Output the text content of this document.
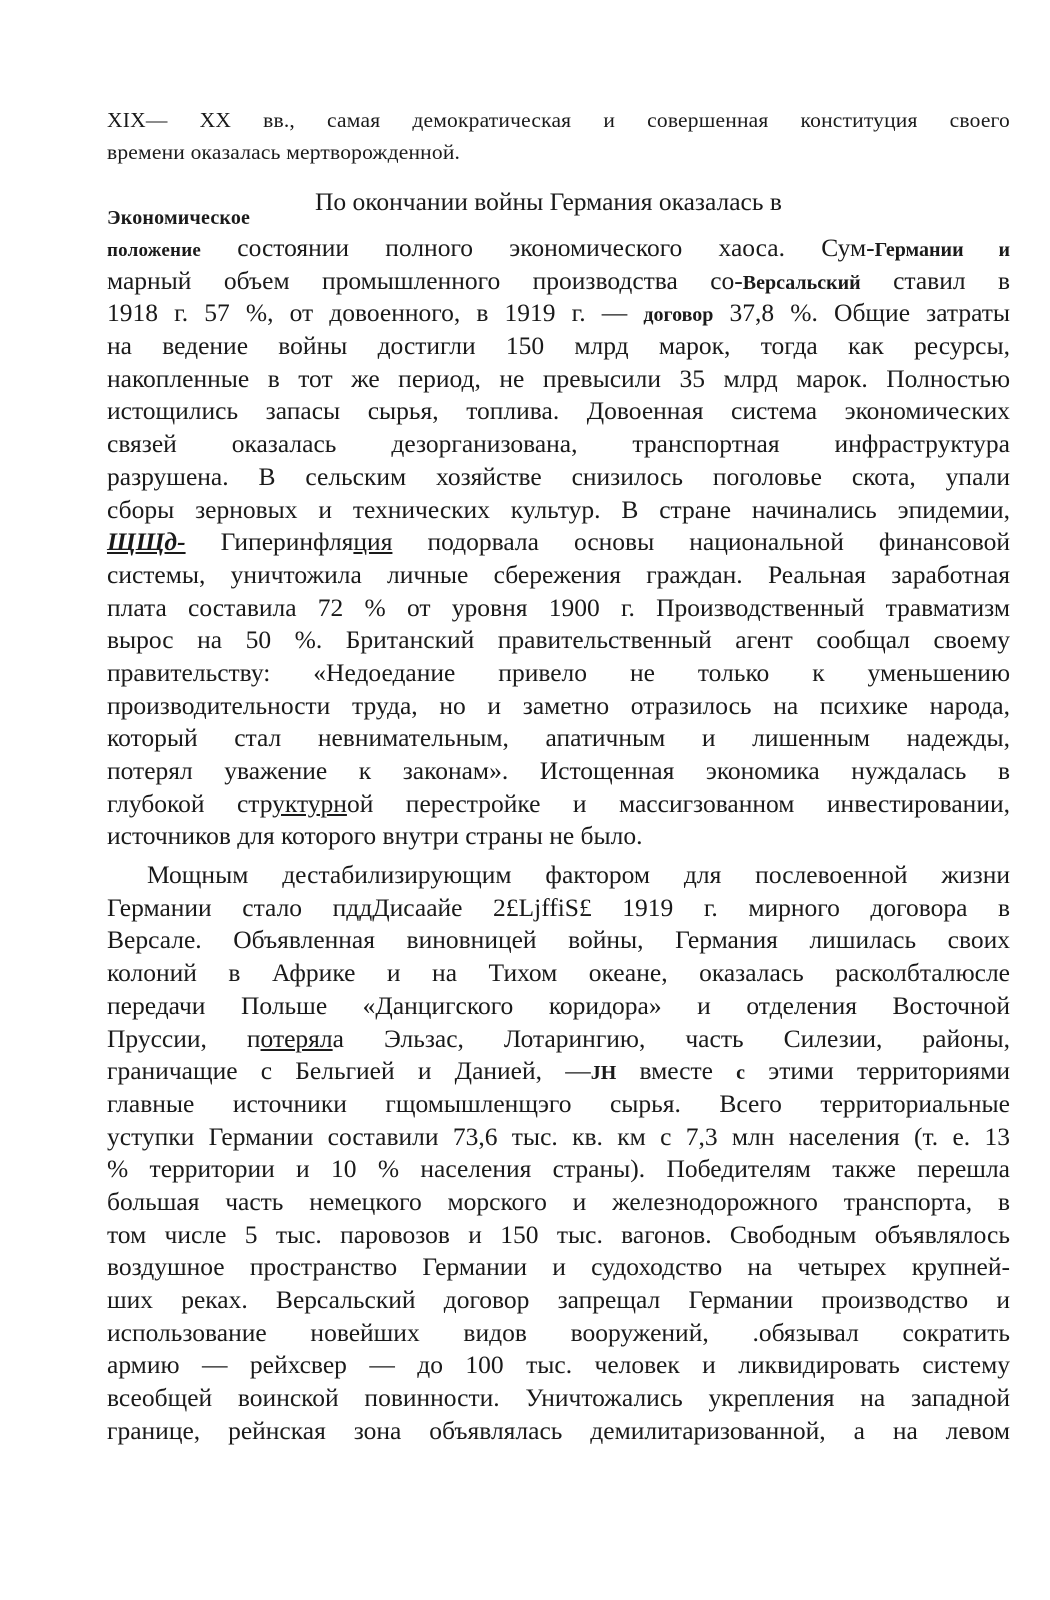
XIX— XX вв., самая демократическая и совершенная конституция своего
времени оказалась мертворожденной.
Экономическое
По окончании войны Германия оказалась в
положение состоянии полного экономического хаоса. Сум-Германии и
марный объем промышленного производства со-Версальский ставил в
1918 г. 57 %, от довоенного, в 1919 г. — договор 37,8 %. Общие затраты
на ведение войны достигли 150 млрд марок, тогда как ресурсы,
накопленные в тот же период, не превысили 35 млрд марок. Полностью
истощились запасы сырья, топлива. Довоенная система экономических
связей оказалась дезорганизована, транспортная инфраструктура
разрушена. В сельским хозяйстве снизилось поголовье скота, упали
сборы зерновых и технических культур. В стране начинались эпидемии,
ЩЩд- Гиперинфляция подорвала основы национальной финансовой
системы, уничтожила личные сбережения граждан. Реальная заработная
плата составила 72 % от уровня 1900 г. Производственный травматизм
вырос на 50 %. Британский правительственный агент сообщал своему
правительству: «Недоедание привело не только к уменьшению
производительности труда, но и заметно отразилось на психике народа,
который стал невнимательным, апатичным и лишенным надежды,
потерял уважение к законам». Истощенная экономика нуждалась в
глубокой структурной перестройке и массигзованном инвестировании,
источников для которого внутри страны не было.
Мощным дестабилизирующим фактором для послевоенной жизни
Германии стало пддДисаайе 2£LjffiS£ 1919 г. мирного договора в
Версале. Объявленная виновницей войны, Германия лишилась своих
колоний в Африке и на Тихом океане, оказалась расколбталюсле
передачи Польше «Данцигского коридора» и отделения Восточной
Пруссии, потеряла Эльзас, Лотарингию, часть Силезии, районы,
граничащие с Бельгией и Данией, —JH вместе с этими территориями
главные источники гщомышленщэго сырья. Всего территориальные
уступки Германии составили 73,6 тыс. кв. км с 7,3 млн населения (т. е. 13
% территории и 10 % населения страны). Победителям также перешла
большая часть немецкого морского и железнодорожного транспорта, в
том числе 5 тыс. паровозов и 150 тыс. вагонов. Свободным объявлялось
воздушное пространство Германии и судоходство на четырех крупней-
ших реках. Версальский договор запрещал Германии производство и
использование новейших видов вооружений, .обязывал сократить
армию — рейхсвер — до 100 тыс. человек и ликвидировать систему
всеобщей воинской повинности. Уничтожались укрепления на западной
границе, рейнская зона объявлялась демилитаризованной, а на левом
